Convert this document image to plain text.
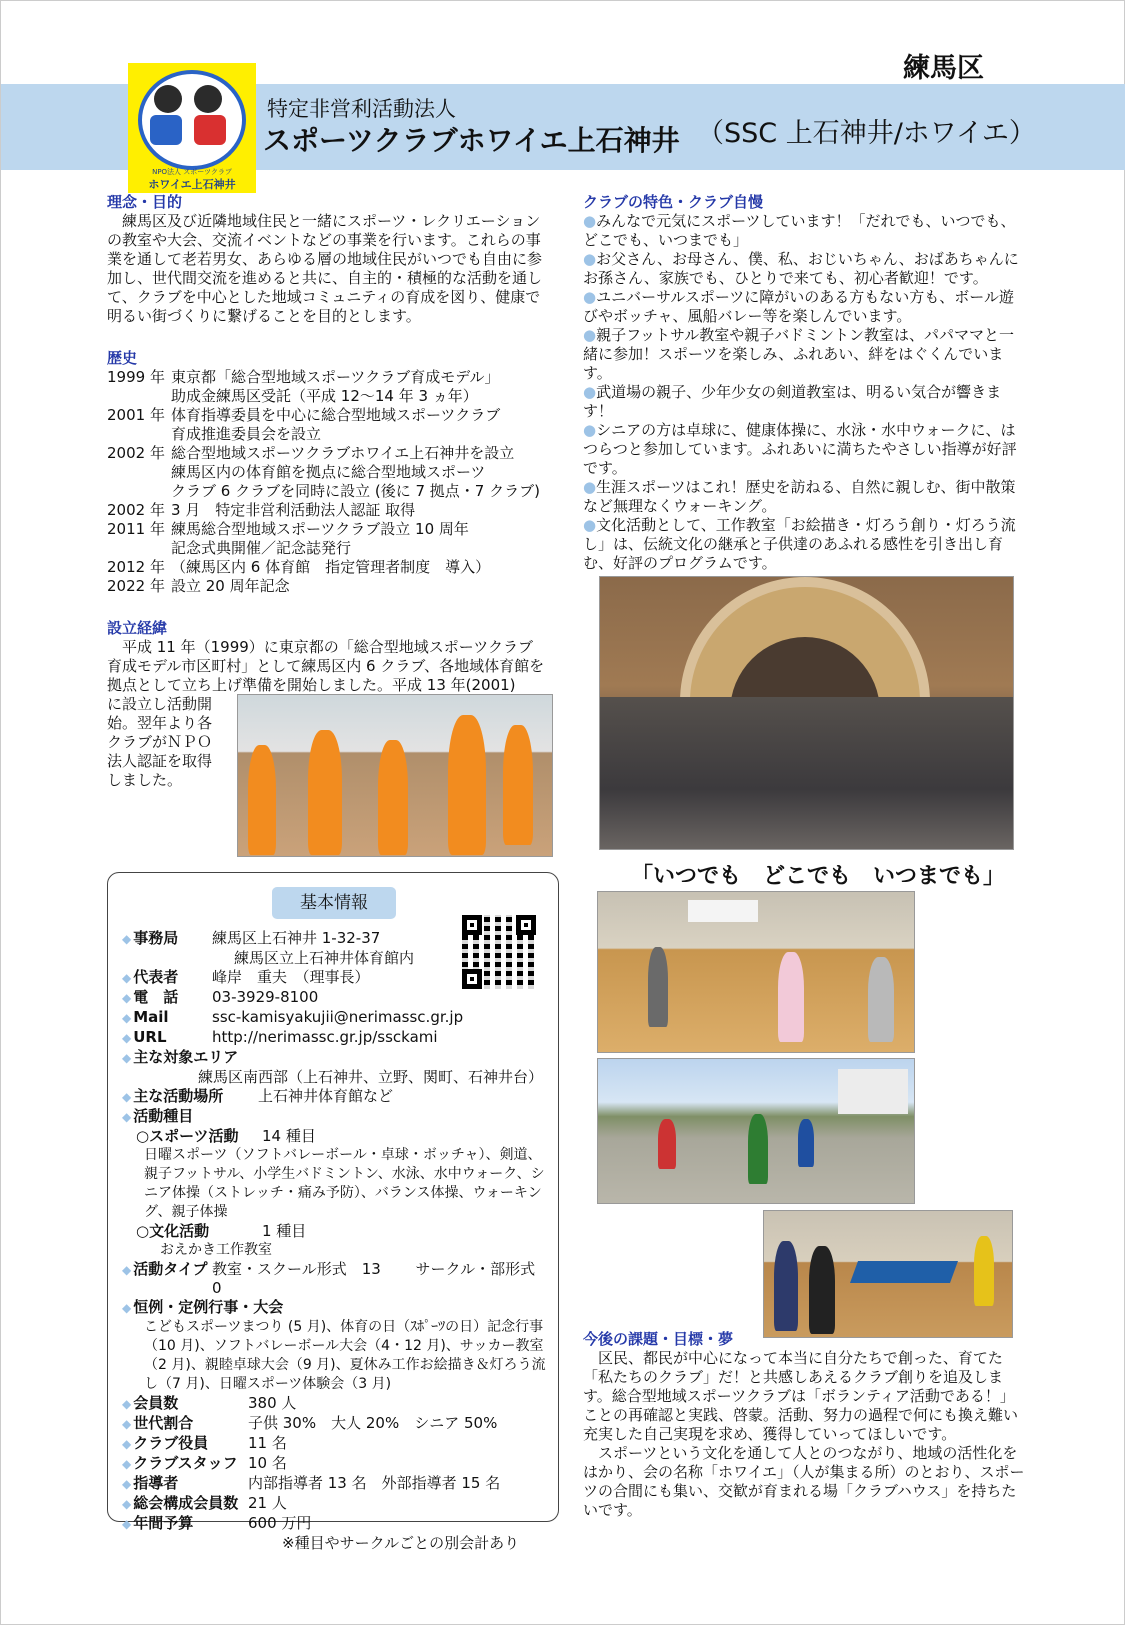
練馬区
NPO法人 スポーツクラブ
ホワイエ上石神井
特定非営利活動法人
スポーツクラブホワイエ上石神井 （SSC 上石神井/ホワイエ）
理念・目的
練馬区及び近隣地域住民と一緒にスポーツ・レクリエーションの教室や大会、交流イベントなどの事業を行います。これらの事業を通して老若男女、あらゆる層の地域住民がいつでも自由に参加し、世代間交流を進めると共に、自主的・積極的な活動を通して、クラブを中心とした地域コミュニティの育成を図り、健康で明るい街づくりに繋げることを目的とします。
歴史
1999 年 東京都「総合型地域スポーツクラブ育成モデル」
助成金練馬区受託（平成 12～14 年 3 ヵ年）
2001 年 体育指導委員を中心に総合型地域スポーツクラブ
育成推進委員会を設立
2002 年 総合型地域スポーツクラブホワイエ上石神井を設立
練馬区内の体育館を拠点に総合型地域スポーツ
クラブ 6 クラブを同時に設立 (後に 7 拠点・7 クラブ)
2002 年 3 月　特定非営利活動法人認証 取得
2011 年 練馬総合型地域スポーツクラブ設立 10 周年
記念式典開催／記念誌発行
2012 年 （練馬区内 6 体育館　指定管理者制度　導入）
2022 年 設立 20 周年記念
設立経緯
平成 11 年（1999）に東京都の「総合型地域スポーツクラブ育成モデル市区町村」として練馬区内 6 クラブ、各地域体育館を拠点として立ち上げ準備を開始しました。平成 13 年(2001)
に設立し活動開始。翌年より各クラブがＮＰＯ法人認証を取得しました。
基本情報
◆ 事務局	練馬区上石神井 1-32-37
練馬区立上石神井体育館内
◆ 代表者	峰岸　重夫　（理事長）
◆ 電　話	03-3929-8100
◆ Mail	ssc-kamisyakujii@nerimassc.gr.jp
◆ URL	http://nerimassc.gr.jp/ssckami
◆ 主な対象エリア
練馬区南西部（上石神井、立野、関町、石神井台）
◆ 主な活動場所	上石神井体育館など
◆ 活動種目
○スポーツ活動	14 種目
日曜スポーツ（ソフトバレーボール・卓球・ボッチャ）、剣道、親子フットサル、小学生バドミントン、水泳、水中ウォーク、シニア体操（ストレッチ・痛み予防）、バランス体操、ウォーキング、親子体操
○文化活動	1 種目
おえかき工作教室
◆ 活動タイプ 教室・スクール形式　13　　 サークル・部形式　0
◆ 恒例・定例行事・大会
こどもスポーツまつり (5 月)、体育の日（ｽﾎﾟｰﾂの日）記念行事（10 月)、ソフトバレーボール大会（4・12 月)、サッカー教室（2 月)、親睦卓球大会（9 月)、夏休み工作お絵描き＆灯ろう流し（7 月)、日曜スポーツ体験会（3 月)
◆ 会員数	380 人
◆ 世代割合	子供 30%　大人 20%　シニア 50%
◆ クラブ役員	11 名
◆ クラブスタッフ 10 名
◆ 指導者	内部指導者 13 名　外部指導者 15 名
◆ 総会構成会員数 21 人
◆ 年間予算	600 万円
※種目やサークルごとの別会計あり
クラブの特色・クラブ自慢
●みんなで元気にスポーツしています！「だれでも、いつでも、どこでも、いつまでも」
●お父さん、お母さん、僕、私、おじいちゃん、おばあちゃんにお孫さん、家族でも、ひとりで来ても、初心者歓迎！です。
●ユニバーサルスポーツに障がいのある方もない方も、ボール遊びやボッチャ、風船バレー等を楽しんでいます。
●親子フットサル教室や親子バドミントン教室は、パパママと一緒に参加！スポーツを楽しみ、ふれあい、絆をはぐくんでいます。
●武道場の親子、少年少女の剣道教室は、明るい気合が響きます！
●シニアの方は卓球に、健康体操に、水泳・水中ウォークに、はつらつと参加しています。ふれあいに満ちたやさしい指導が好評です。
●生涯スポーツはこれ！歴史を訪ねる、自然に親しむ、街中散策など無理なくウォーキング。
●文化活動として、工作教室「お絵描き・灯ろう創り・灯ろう流し」は、伝統文化の継承と子供達のあふれる感性を引き出し育む、好評のプログラムです。
「いつでも　どこでも　いつまでも」
今後の課題・目標・夢
区民、都民が中心になって本当に自分たちで創った、育てた「私たちのクラブ」だ！と共感しあえるクラブ創りを追及します。総合型地域スポーツクラブは「ボランティア活動である！」ことの再確認と実践、啓蒙。活動、努力の過程で何にも換え難い充実した自己実現を求め、獲得していってほしいです。
スポーツという文化を通して人とのつながり、地域の活性化をはかり、会の名称「ホワイエ」（人が集まる所）のとおり、スポーツの合間にも集い、交歓が育まれる場「クラブハウス」を持ちたいです。
